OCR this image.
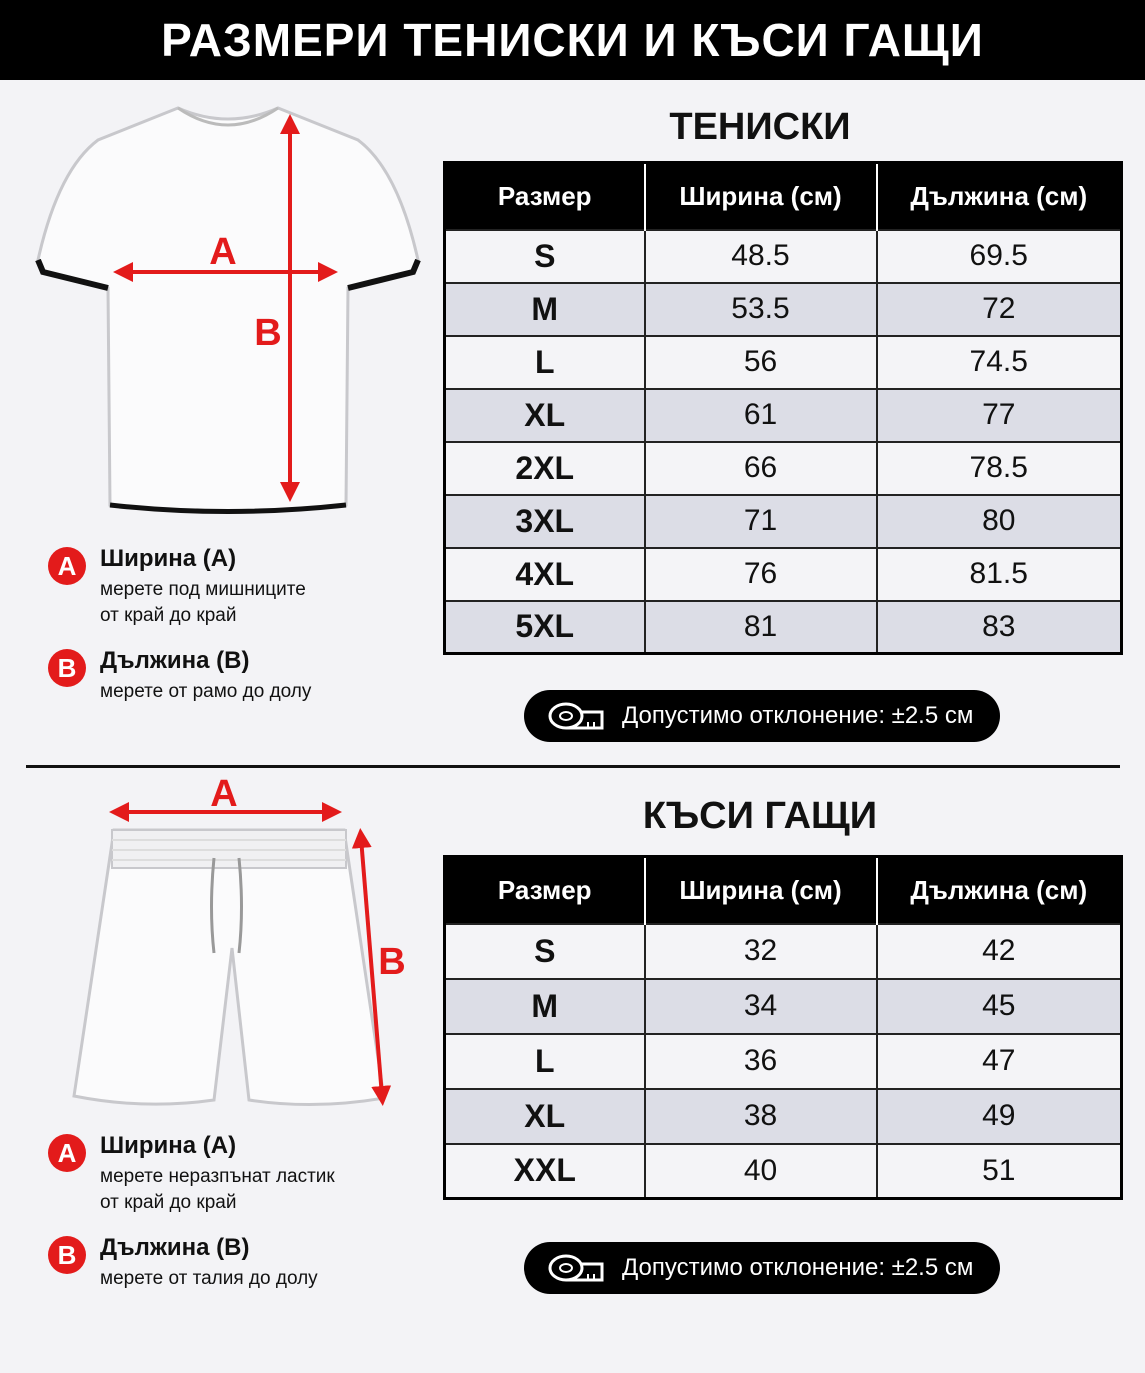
РАЗМЕРИ ТЕНИСКИ И КЪСИ ГАЩИ
A
B
ТЕНИСКИ
Размер	Ширина (см)	Дължина (см)
S	48.5	69.5
M	53.5	72
L	56	74.5
XL	61	77
2XL	66	78.5
3XL	71	80
4XL	76	81.5
5XL	81	83
Допустимо отклонение: ±2.5 см
A Ширина (A)
мерете под мишниците
от край до край
B Дължина (B)
мерете от рамо до долу
A
B
КЪСИ ГАЩИ
Размер	Ширина (см)	Дължина (см)
S	32	42
M	34	45
L	36	47
XL	38	49
XXL	40	51
Допустимо отклонение: ±2.5 см
A Ширина (A)
мерете неразпънат ластик
от край до край
B Дължина (B)
мерете от талия до долу
